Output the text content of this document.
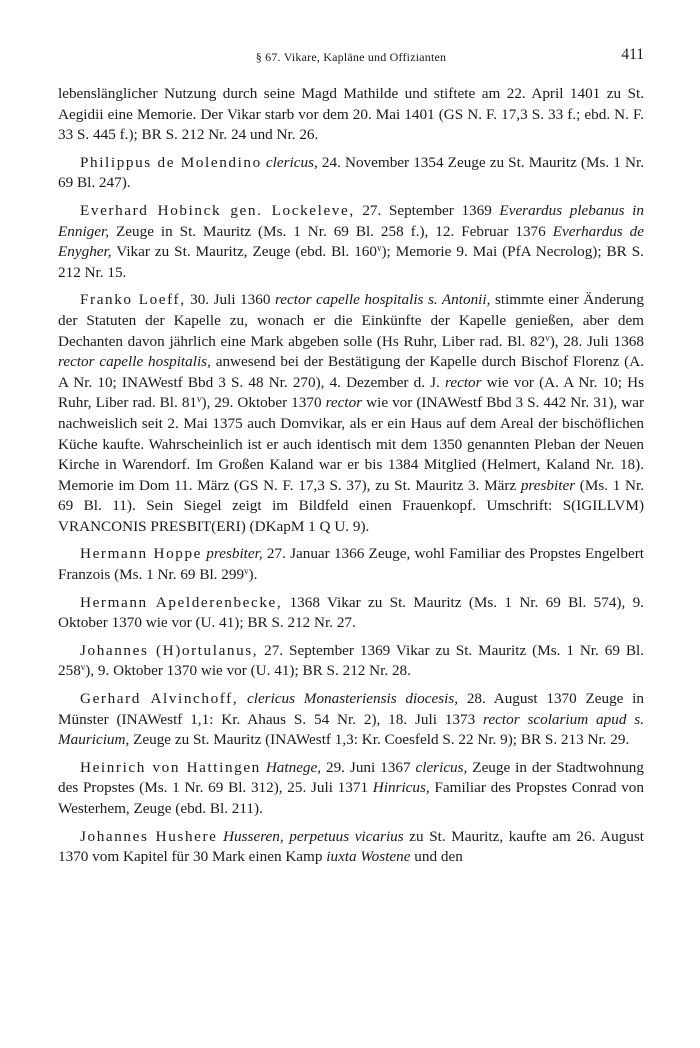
§ 67. Vikare, Kapläne und Offizianten	411

lebenslänglicher Nutzung durch seine Magd Mathilde und stiftete am 22. April 1401 zu St. Aegidii eine Memorie. Der Vikar starb vor dem 20. Mai 1401 (GS N. F. 17,3 S. 33 f.; ebd. N. F. 33 S. 445 f.); BR S. 212 Nr. 24 und Nr. 26.

Philippus de Molendino clericus, 24. November 1354 Zeuge zu St. Mauritz (Ms. 1 Nr. 69 Bl. 247).

Everhard Hobinck gen. Lockeleve, 27. September 1369 Everardus plebanus in Enniger, Zeuge in St. Mauritz (Ms. 1 Nr. 69 Bl. 258 f.), 12. Februar 1376 Everhardus de Enygher, Vikar zu St. Mauritz, Zeuge (ebd. Bl. 160$^v$); Memorie 9. Mai (PfA Necrolog); BR S. 212 Nr. 15.

Franko Loeff, 30. Juli 1360 rector capelle hospitalis s. Antonii, stimmte einer Änderung der Statuten der Kapelle zu, wonach er die Einkünfte der Kapelle genießen, aber dem Dechanten davon jährlich eine Mark abgeben solle (Hs Ruhr, Liber rad. Bl. 82$^v$), 28. Juli 1368 rector capelle hospitalis, anwesend bei der Bestätigung der Kapelle durch Bischof Florenz (A. A Nr. 10; INAWestf Bbd 3 S. 48 Nr. 270), 4. Dezember d. J. rector wie vor (A. A Nr. 10; Hs Ruhr, Liber rad. Bl. 81$^v$), 29. Oktober 1370 rector wie vor (INAWestf Bbd 3 S. 442 Nr. 31), war nachweislich seit 2. Mai 1375 auch Domvikar, als er ein Haus auf dem Areal der bischöflichen Küche kaufte. Wahrscheinlich ist er auch identisch mit dem 1350 genannten Pleban der Neuen Kirche in Warendorf. Im Großen Kaland war er bis 1384 Mitglied (Helmert, Kaland Nr. 18). Memorie im Dom 11. März (GS N. F. 17,3 S. 37), zu St. Mauritz 3. März presbiter (Ms. 1 Nr. 69 Bl. 11). Sein Siegel zeigt im Bildfeld einen Frauenkopf. Umschrift: S(IGILLVM) VRANCONIS PRESBIT(ERI) (DKapM 1 Q U. 9).

Hermann Hoppe presbiter, 27. Januar 1366 Zeuge, wohl Familiar des Propstes Engelbert Franzois (Ms. 1 Nr. 69 Bl. 299$^v$).

Hermann Apelderenbecke, 1368 Vikar zu St. Mauritz (Ms. 1 Nr. 69 Bl. 574), 9. Oktober 1370 wie vor (U. 41); BR S. 212 Nr. 27.

Johannes (H)ortulanus, 27. September 1369 Vikar zu St. Mauritz (Ms. 1 Nr. 69 Bl. 258$^v$), 9. Oktober 1370 wie vor (U. 41); BR S. 212 Nr. 28.

Gerhard Alvinchoff, clericus Monasteriensis diocesis, 28. August 1370 Zeuge in Münster (INAWestf 1,1: Kr. Ahaus S. 54 Nr. 2), 18. Juli 1373 rector scolarium apud s. Mauricium, Zeuge zu St. Mauritz (INAWestf 1,3: Kr. Coesfeld S. 22 Nr. 9); BR S. 213 Nr. 29.

Heinrich von Hattingen Hatnege, 29. Juni 1367 clericus, Zeuge in der Stadtwohnung des Propstes (Ms. 1 Nr. 69 Bl. 312), 25. Juli 1371 Hinricus, Familiar des Propstes Conrad von Westerhem, Zeuge (ebd. Bl. 211).

Johannes Hushere Husseren, perpetuus vicarius zu St. Mauritz, kaufte am 26. August 1370 vom Kapitel für 30 Mark einen Kamp iuxta Wostene und den
